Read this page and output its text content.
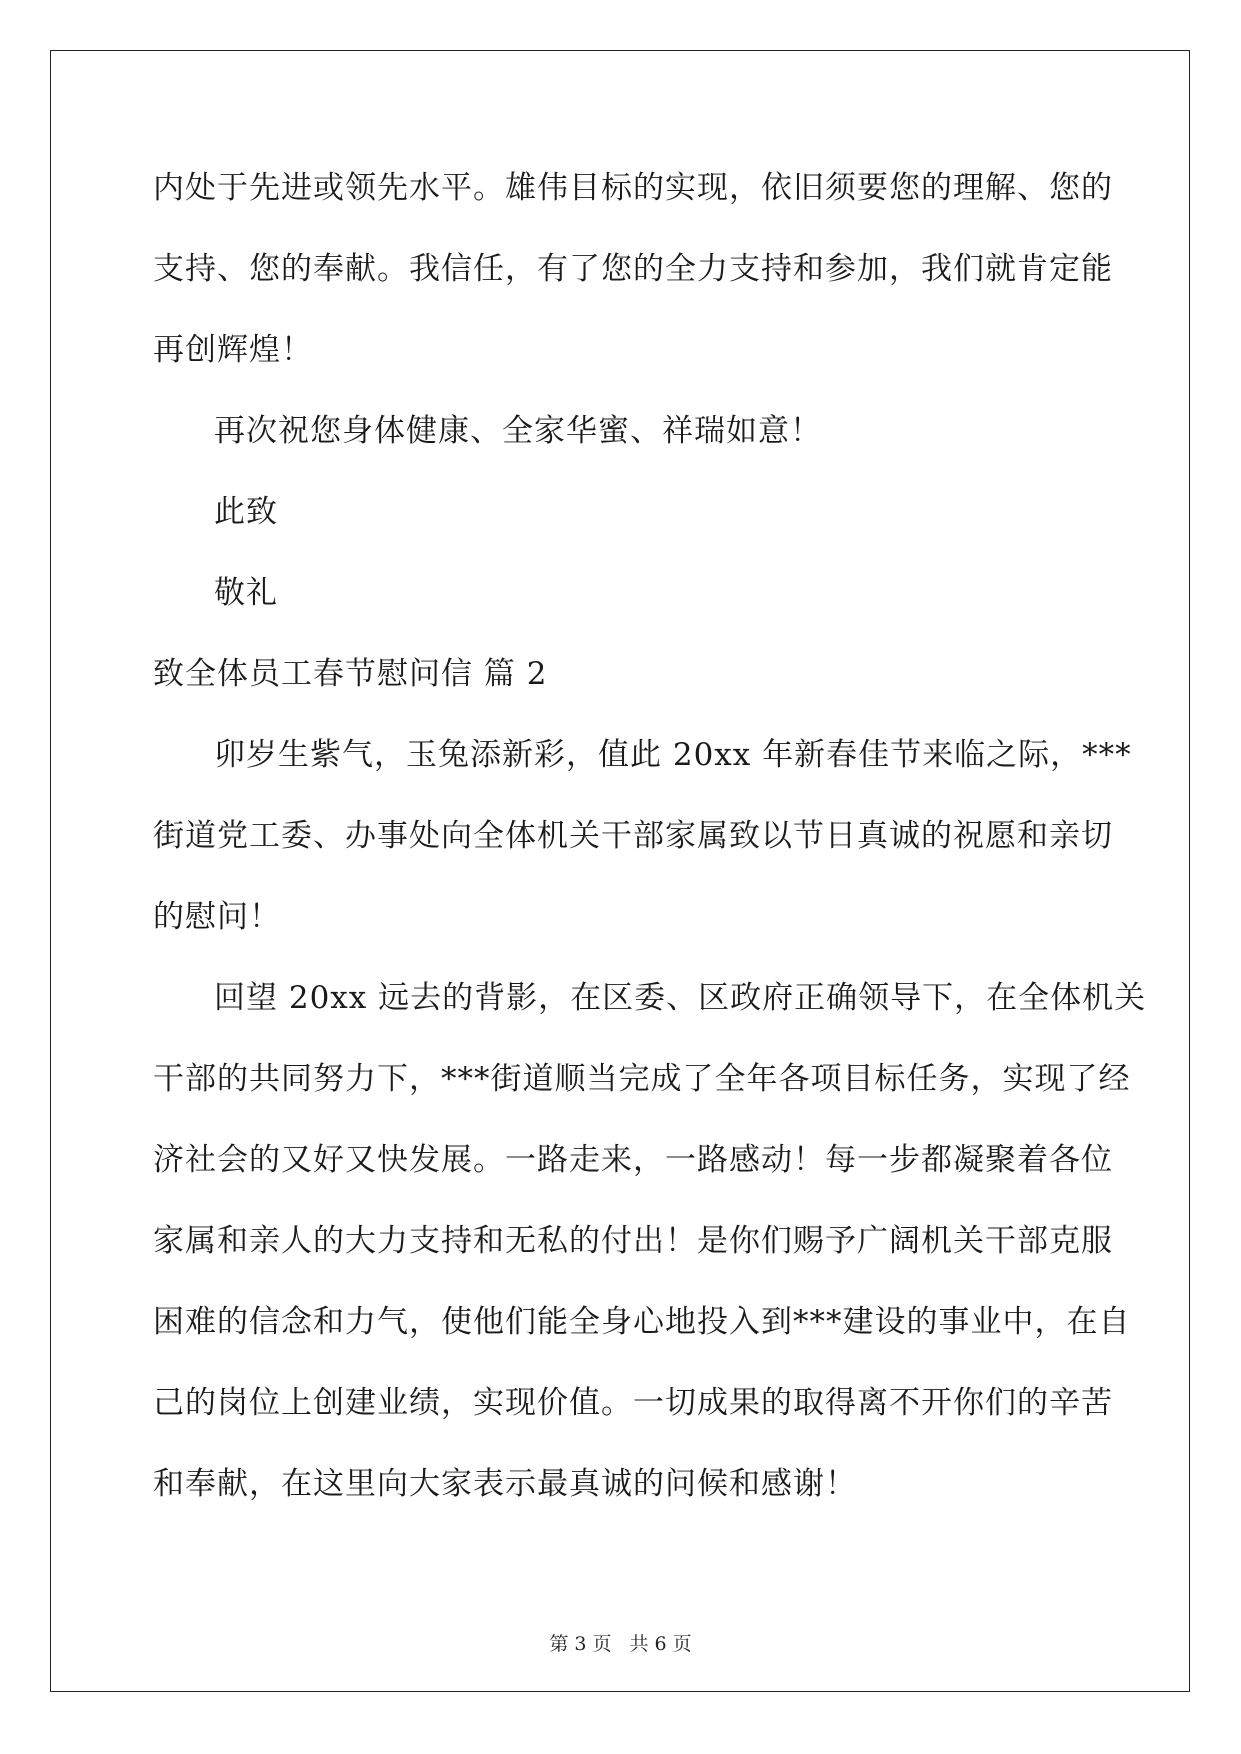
内处于先进或领先水平。雄伟目标的实现，依旧须要您的理解、您的
支持、您的奉献。我信任，有了您的全力支持和参加，我们就肯定能
再创辉煌！
再次祝您身体健康、全家华蜜、祥瑞如意！
此致
敬礼
致全体员工春节慰问信 篇 2
卯岁生紫气，玉兔添新彩，值此 20xx 年新春佳节来临之际，***
街道党工委、办事处向全体机关干部家属致以节日真诚的祝愿和亲切
的慰问！
回望 20xx 远去的背影，在区委、区政府正确领导下，在全体机关
干部的共同努力下，***街道顺当完成了全年各项目标任务，实现了经
济社会的又好又快发展。一路走来，一路感动！每一步都凝聚着各位
家属和亲人的大力支持和无私的付出！是你们赐予广阔机关干部克服
困难的信念和力气，使他们能全身心地投入到***建设的事业中，在自
己的岗位上创建业绩，实现价值。一切成果的取得离不开你们的辛苦
和奉献，在这里向大家表示最真诚的问候和感谢！
第 3 页 共 6 页
